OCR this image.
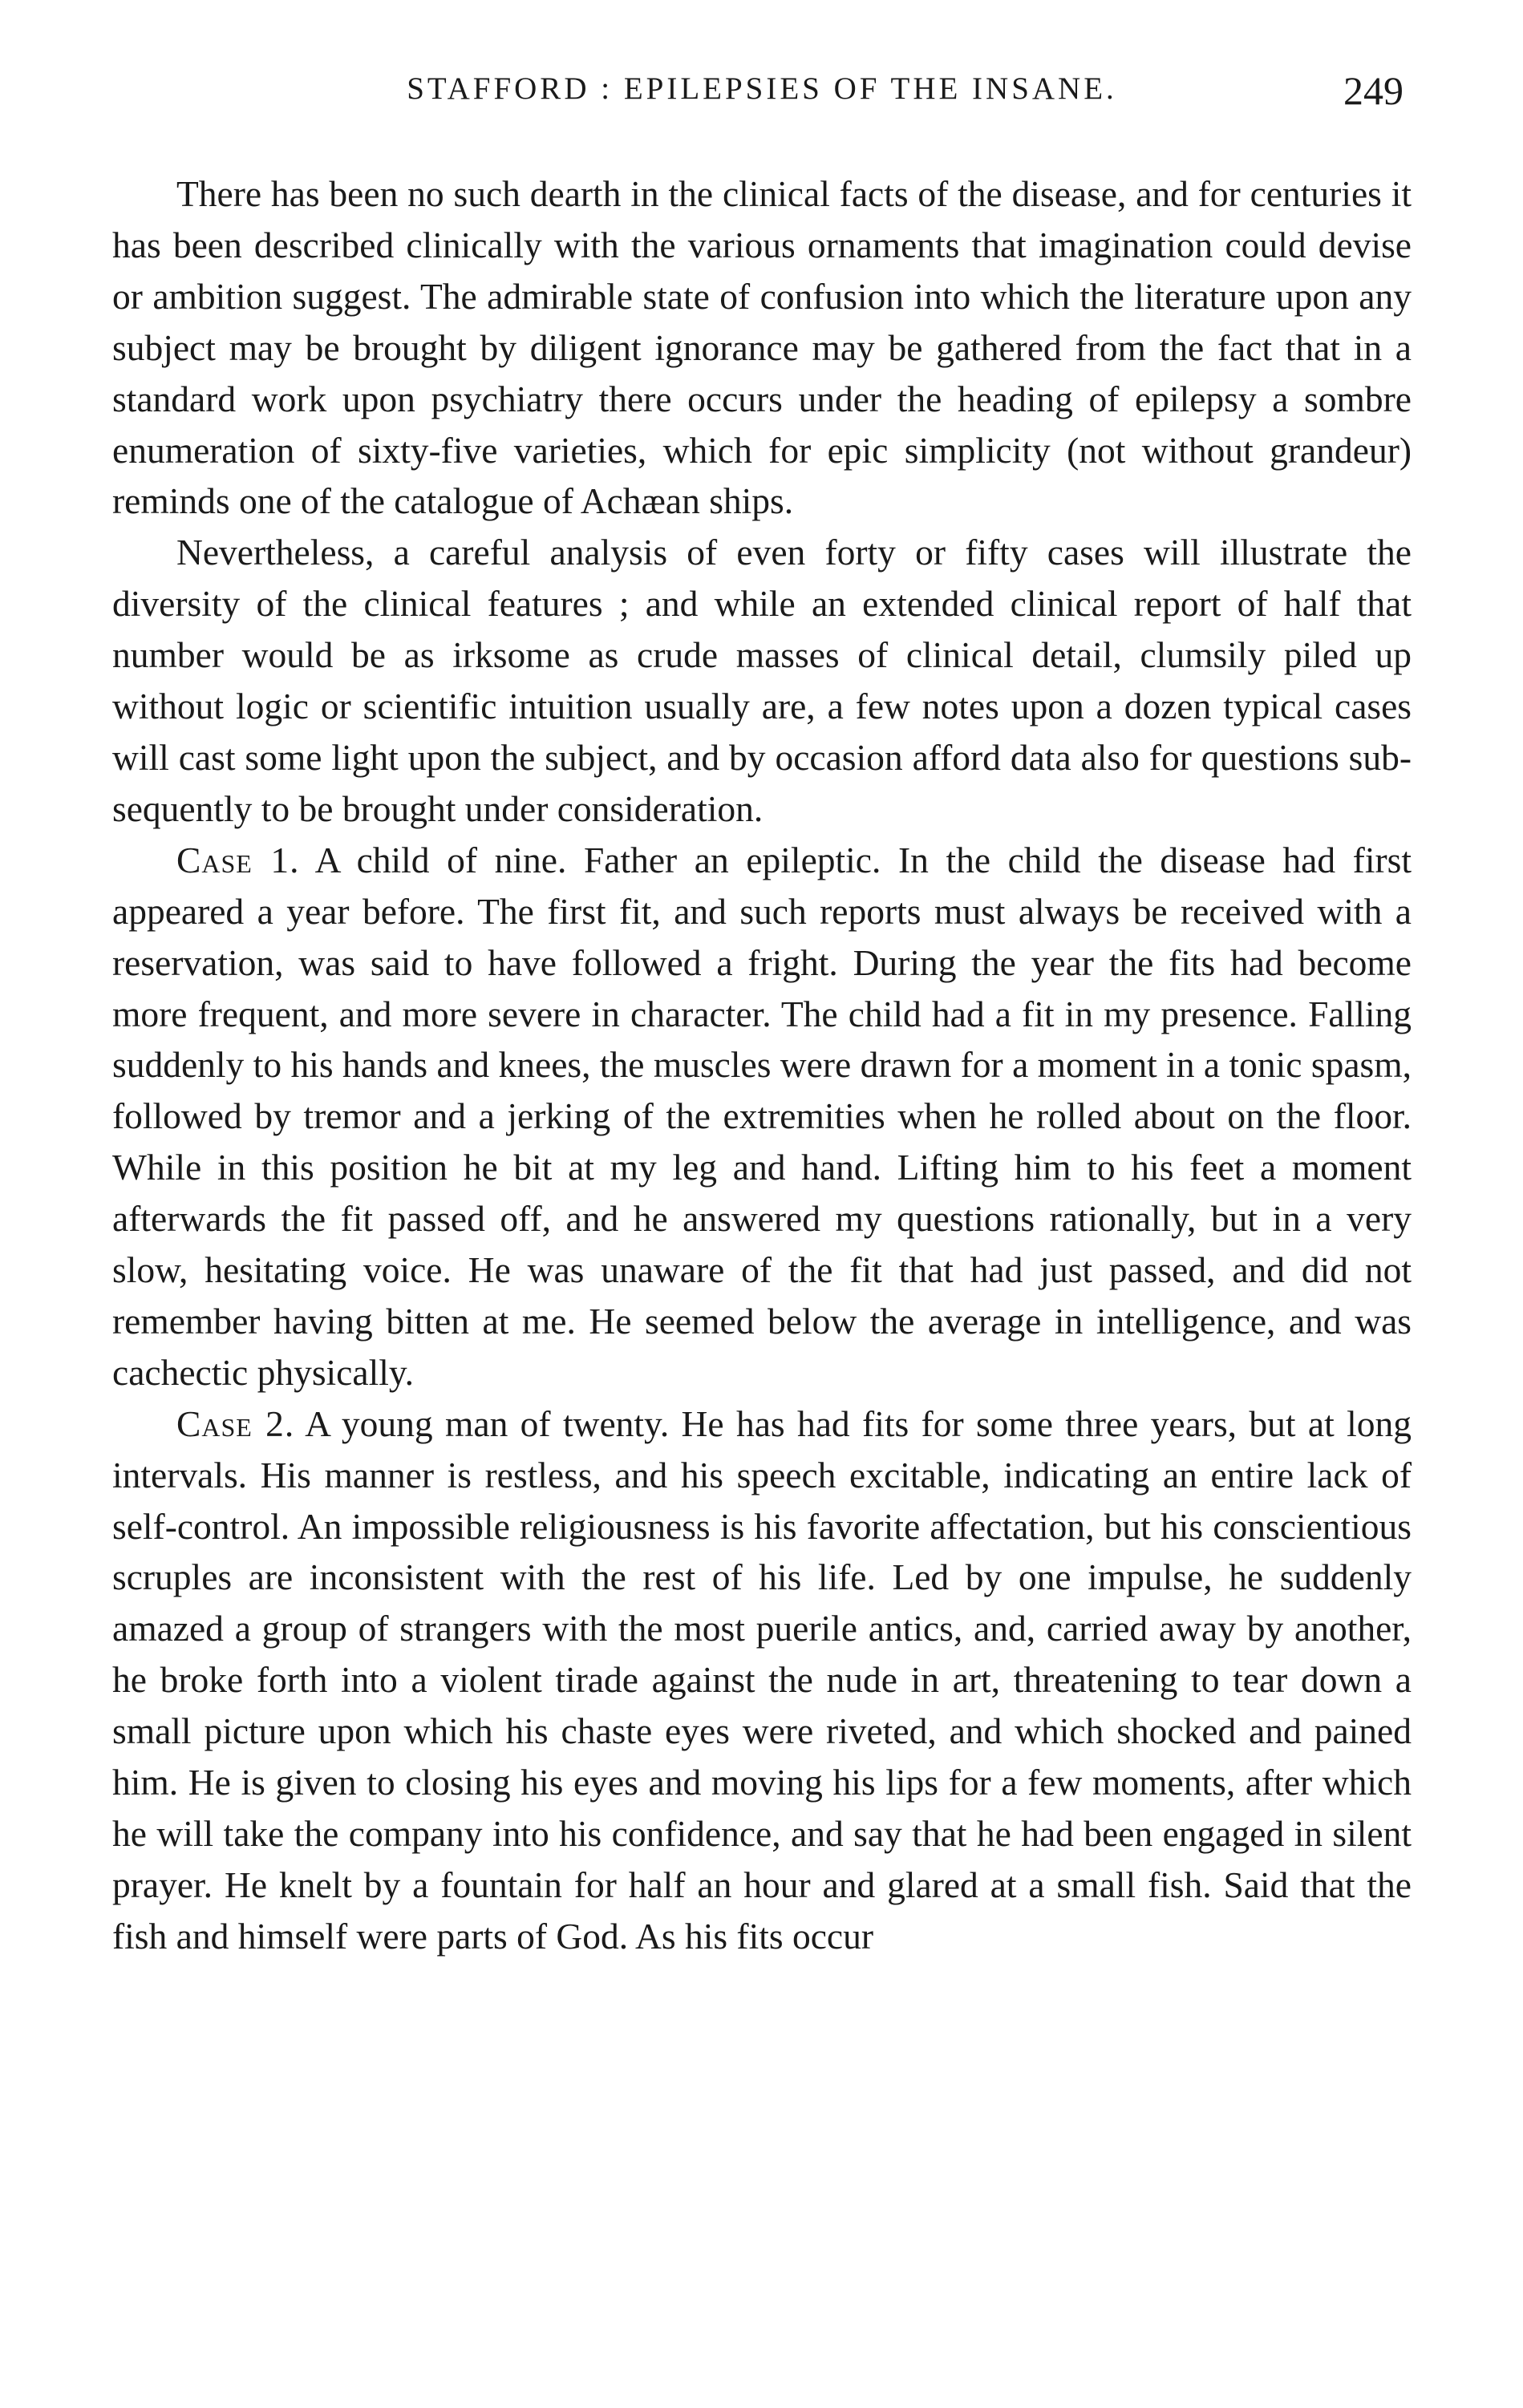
STAFFORD : EPILEPSIES OF THE INSANE.	249

There has been no such dearth in the clinical facts of the disease, and for centuries it has been described clinically with the various ornaments that imagination could devise or ambition suggest. The admirable state of confusion into which the literature upon any subject may be brought by diligent ignorance may be gathered from the fact that in a standard work upon psychiatry there occurs under the heading of epilepsy a sombre enumeration of sixty-five varieties, which for epic simplicity (not without grandeur) reminds one of the catalogue of Achæan ships.

Nevertheless, a careful analysis of even forty or fifty cases will illustrate the diversity of the clinical features ; and while an extended clinical report of half that number would be as irksome as crude masses of clinical detail, clumsily piled up without logic or scientific intuition usually are, a few notes upon a dozen typical cases will cast some light upon the subject, and by occasion afford data also for questions subsequently to be brought under consideration.

Case 1. A child of nine. Father an epileptic. In the child the disease had first appeared a year before. The first fit, and such reports must always be received with a reservation, was said to have followed a fright. During the year the fits had become more frequent, and more severe in character. The child had a fit in my presence. Falling suddenly to his hands and knees, the muscles were drawn for a moment in a tonic spasm, followed by tremor and a jerking of the extremities when he rolled about on the floor. While in this position he bit at my leg and hand. Lifting him to his feet a moment afterwards the fit passed off, and he answered my questions rationally, but in a very slow, hesitating voice. He was unaware of the fit that had just passed, and did not remember having bitten at me. He seemed below the average in intelligence, and was cachectic physically.

Case 2. A young man of twenty. He has had fits for some three years, but at long intervals. His manner is restless, and his speech excitable, indicating an entire lack of self-control. An impossible religiousness is his favorite affectation, but his conscientious scruples are inconsistent with the rest of his life. Led by one impulse, he suddenly amazed a group of strangers with the most puerile antics, and, carried away by another, he broke forth into a violent tirade against the nude in art, threatening to tear down a small picture upon which his chaste eyes were riveted, and which shocked and pained him. He is given to closing his eyes and moving his lips for a few moments, after which he will take the company into his confidence, and say that he had been engaged in silent prayer. He knelt by a fountain for half an hour and glared at a small fish. Said that the fish and himself were parts of God. As his fits occur
